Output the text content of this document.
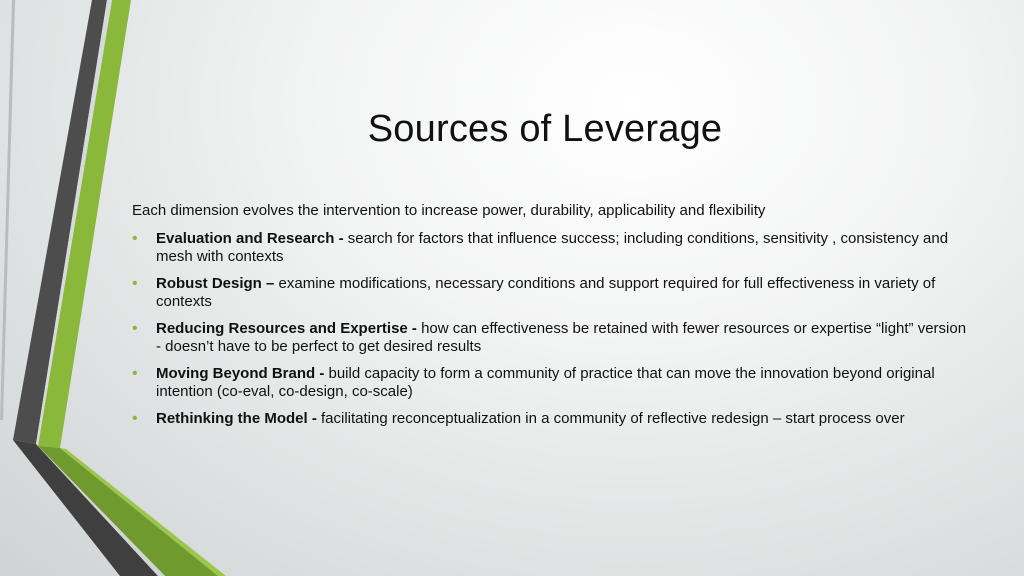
Sources of Leverage

Each dimension evolves the intervention to increase power, durability, applicability and flexibility

• Evaluation and Research - search for factors that influence success; including conditions, sensitivity , consistency and mesh with contexts
• Robust Design – examine modifications, necessary conditions and support required for full effectiveness in variety of contexts
• Reducing Resources and Expertise - how can effectiveness be retained with fewer resources or expertise “light” version - doesn’t have to be perfect to get desired results
• Moving Beyond Brand - build capacity to form a community of practice that can move the innovation beyond original intention (co-eval, co-design, co-scale)
• Rethinking the Model - facilitating reconceptualization in a community of reflective redesign – start process over
